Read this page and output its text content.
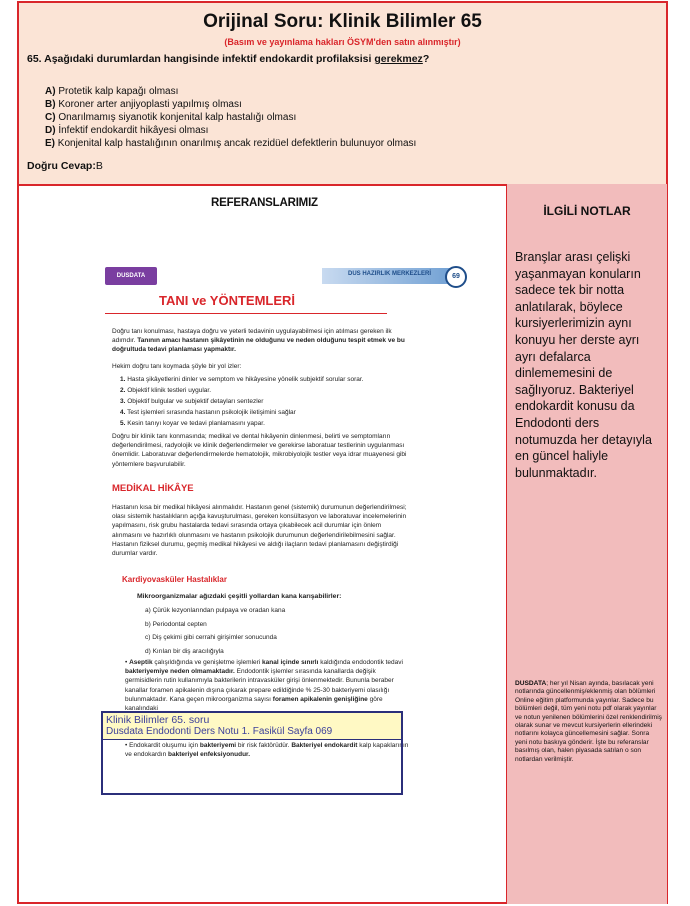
Orijinal Soru: Klinik Bilimler 65
(Basım ve yayınlama hakları ÖSYM'den satın alınmıştır)
65. Aşağıdaki durumlardan hangisinde infektif endokardit profilaksisi gerekmez?
A) Protetik kalp kapağı olması
B) Koroner arter anjiyoplasti yapılmış olması
C) Onarılmamış siyanotik konjenital kalp hastalığı olması
D) İnfektif endokardit hikâyesi olması
E) Konjenital kalp hastalığının onarılmış ancak rezidüel defektlerin bulunuyor olması
Doğru Cevap:B
REFERANSLARIMIZ
DUSDATA	DUS HAZIRLIK MERKEZLERİ	69
TANI ve YÖNTEMLERİ
Doğru tanı konulması, hastaya doğru ve yeterli tedavinin uygulayabilmesi için atılması gereken ilk adımdır. Tanının amacı hastanın şikâyetinin ne olduğunu ve neden olduğunu tespit etmek ve bu doğrultuda tedavi planlaması yapmaktır.
Hekim doğru tanı koymada şöyle bir yol izler:
1. Hasta şikâyetlerini dinler ve semptom ve hikâyesine yönelik subjektif sorular sorar.
2. Objektif klinik testleri uygular.
3. Objektif bulgular ve subjektif detayları sentezler
4. Test işlemleri sırasında hastanın psikolojik iletişimini sağlar
5. Kesin tanıyı koyar ve tedavi planlamasını yapar.
Doğru bir klinik tanı konmasında; medikal ve dental hikâyenin dinlenmesi, belirti ve semptomların değerlendirilmesi, radyolojik ve klinik değerlendirmeler ve gerekirse laboratuar testlerinin uygulanması önemlidir. Laboratuvar değerlendirmelerde hematolojik, mikrobiyolojik testler veya idrar muayenesi gibi yöntemlere başvurulabilir.
MEDİKAL HİKÂYE
Hastanın kısa bir medikal hikâyesi alınmalıdır. Hastanın genel (sistemik) durumunun değerlendirilmesi; olası sistemik hastalıkların açığa kavuşturulması, gereken konsültasyon ve laboratuvar incelemelerinin yapılmasını, risk grubu hastalarda tedavi sırasında ortaya çıkabilecek acil durumlar için önlem alınmasını ve hazırlıklı olunmasını ve hastanın psikolojik durumunun değerlendirilebilmesini sağlar. Hastanın fiziksel durumu, geçmiş medikal hikâyesi ve aldığı ilaçların tedavi planlamasını değiştirdiği durumlar vardır.
Kardiyovasküler Hastalıklar
Mikroorganizmalar ağızdaki çeşitli yollardan kana karışabilirler:
a) Çürük lezyonlarından pulpaya ve oradan kana
b) Periodontal cepten
c) Diş çekimi gibi cerrahi girişimler sonucunda
d) Kırılan bir diş aracılığıyla
• Aseptik çalışıldığında ve genişletme işlemleri kanal içinde sınırlı kaldığında endodontik tedavi bakteriyemiye neden olmamaktadır. Endodontik işlemler sırasında kanallarda değişik germisidlerin rutin kullanımıyla bakterilerin intravasküler girişi önlenmektedir. Bununla beraber kanallar foramen apikalenin dışına çıkarak prepare edildiğinde % 25-30 bakteriyemi olasılığı bulunmaktadır. Kana geçen mikroorganizma sayısı foramen apikalenin genişliğine göre kanalındaki
• Endokardit oluşumu için bakteriyemi bir risk faktörüdür. Bakteriyel endokardit kalp kapaklarının ve endokardın bakteriyel enfeksiyonudur.
İLGİLİ NOTLAR
Branşlar arası çelişki yaşanmayan konuların sadece tek bir notta anlatılarak, böylece kursiyerlerimizin aynı konuyu her derste ayrı ayrı defalarca dinlememesini de sağlıyoruz. Bakteriyel endokardit konusu da Endodonti ders notumuzda her detayıyla en güncel haliyle bulunmaktadır.
DUSDATA; her yıl Nisan ayında, basılacak yeni notlarında güncellenmiş/eklenmiş olan bölümleri Online eğitim platformunda yayınlar. Sadece bu bölümleri değil, tüm yeni notu pdf olarak yayınlar ve notun yenilenen bölümlerini özel renklendirilmiş olarak sunar ve mevcut kursiyerlerin ellerindeki notlarını kolayca güncellemesini sağlar. Sonra yeni notu baskıya gönderir. İşte bu referanslar basılmış olan, halen piyasada satılan o son notlardan verilmiştir.
Klinik Bilimler 65. soru
Dusdata Endodonti Ders Notu 1. Fasikül Sayfa 069
